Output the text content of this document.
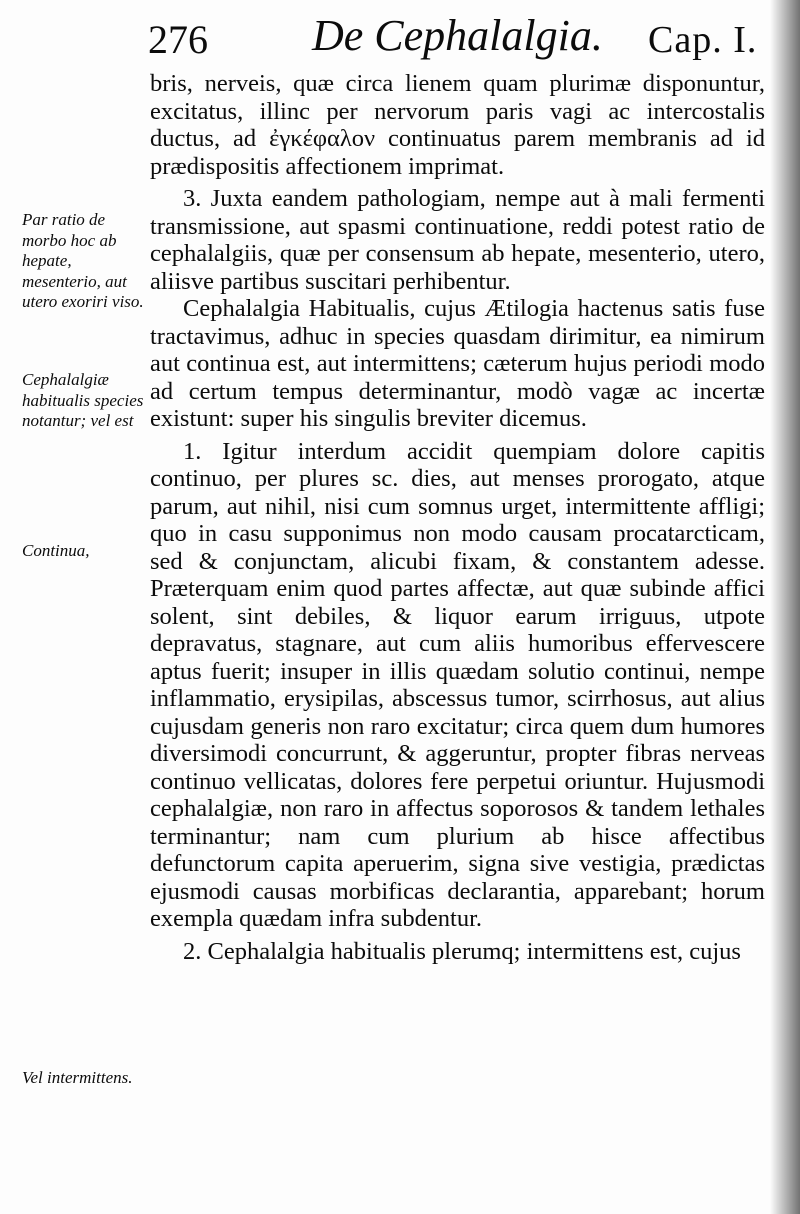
276 De Cephalalgia. Cap. I.
Par ratio de morbo hoc ab hepate, mesenterio, aut utero exoriri viso.
Cephalalgiæ habitualis species notantur; vel est
Continua,
Vel intermittens.

bris, nerveis, quæ circa lienem quam plurimæ disponuntur, excitatus, illinc per nervorum paris vagi ac intercostalis ductus, ad ἐγκέφαλον continuatus parem membranis ad id prædispositis affectionem imprimat.

3. Juxta eandem pathologiam, nempe aut à mali fermenti transmissione, aut spasmi continuatione, reddi potest ratio de cephalalgiis, quæ per consensum ab hepate, mesenterio, utero, aliisve partibus suscitari perhibentur.

Cephalalgia Habitualis, cujus Ætilogia hactenus satis fuse tractavimus, adhuc in species quasdam dirimitur, ea nimirum aut continua est, aut intermittens; cæterum hujus periodi modo ad certum tempus determinantur, modò vagæ ac incertæ existunt: super his singulis breviter dicemus.

1. Igitur interdum accidit quempiam dolore capitis continuo, per plures sc. dies, aut menses prorogato, atque parum, aut nihil, nisi cum somnus urget, intermittente affligi; quo in casu supponimus non modo causam procatarcticam, sed & conjunctam, alicubi fixam, & constantem adesse. Præterquam enim quod partes affectæ, aut quæ subinde affici solent, sint debiles, & liquor earum irriguus, utpote depravatus, stagnare, aut cum aliis humoribus effervescere aptus fuerit; insuper in illis quædam solutio continui, nempe inflammatio, erysipilas, abscessus tumor, scirrhosus, aut alius cujusdam generis non raro excitatur; circa quem dum humores diversimodi concurrunt, & aggeruntur, propter fibras nerveas continuo vellicatas, dolores fere perpetui oriuntur. Hujusmodi cephalalgiæ, non raro in affectus soporosos & tandem lethales terminantur; nam cum plurium ab hisce affectibus defunctorum capita aperuerim, signa sive vestigia, prædictas ejusmodi causas morbificas declarantia, apparebant; horum exempla quædam infra subdentur.

2. Cephalalgia habitualis plerumq; intermittens est, cujus
